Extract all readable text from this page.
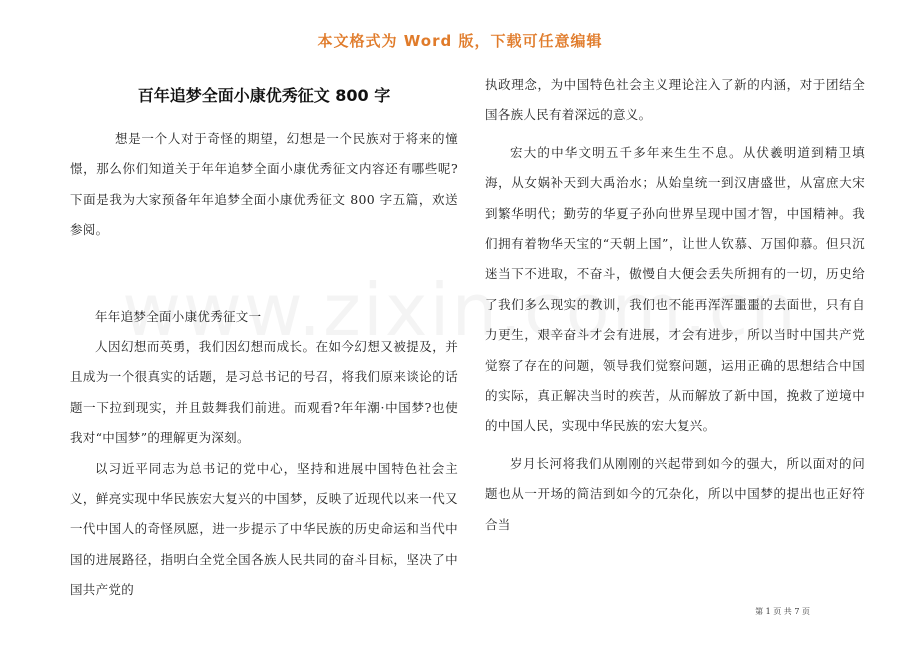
本文格式为 Word 版，下载可任意编辑
百年追梦全面小康优秀征文 800 字

想是一个人对于奇怪的期望，幻想是一个民族对于将来的憧憬，那么你们知道关于年年追梦全面小康优秀征文内容还有哪些呢?下面是我为大家预备年年追梦全面小康优秀征文 800 字五篇，欢送参阅。

年年追梦全面小康优秀征文一

人因幻想而英勇，我们因幻想而成长。在如今幻想又被提及，并且成为一个很真实的话题，是习总书记的号召，将我们原来谈论的话题一下拉到现实，并且鼓舞我们前进。而观看?年年潮·中国梦?也使我对“中国梦”的理解更为深刻。

以习近平同志为总书记的党中心，坚持和进展中国特色社会主义，鲜亮实现中华民族宏大复兴的中国梦，反映了近现代以来一代又一代中国人的奇怪夙愿，进一步提示了中华民族的历史命运和当代中国的进展路径，指明白全党全国各族人民共同的奋斗目标，坚决了中国共产党的

执政理念，为中国特色社会主义理论注入了新的内涵，对于团结全国各族人民有着深远的意义。

宏大的中华文明五千多年来生生不息。从伏羲明道到精卫填海，从女娲补天到大禹治水；从始皇统一到汉唐盛世，从富庶大宋到繁华明代；勤劳的华夏子孙向世界呈现中国才智，中国精神。我们拥有着物华天宝的“天朝上国”，让世人钦慕、万国仰慕。但只沉迷当下不进取，不奋斗，傲慢自大便会丢失所拥有的一切，历史给了我们多么现实的教训，我们也不能再浑浑噩噩的去面世，只有自力更生，艰辛奋斗才会有进展，才会有进步，所以当时中国共产党觉察了存在的问题，领导我们觉察问题，运用正确的思想结合中国的实际，真正解决当时的疾苦，从而解放了新中国，挽救了逆境中的中国人民，实现中华民族的宏大复兴。

岁月长河将我们从刚刚的兴起带到如今的强大，所以面对的问题也从一开场的简洁到如今的冗杂化，所以中国梦的提出也正好符合当

第 1 页 共 7 页
